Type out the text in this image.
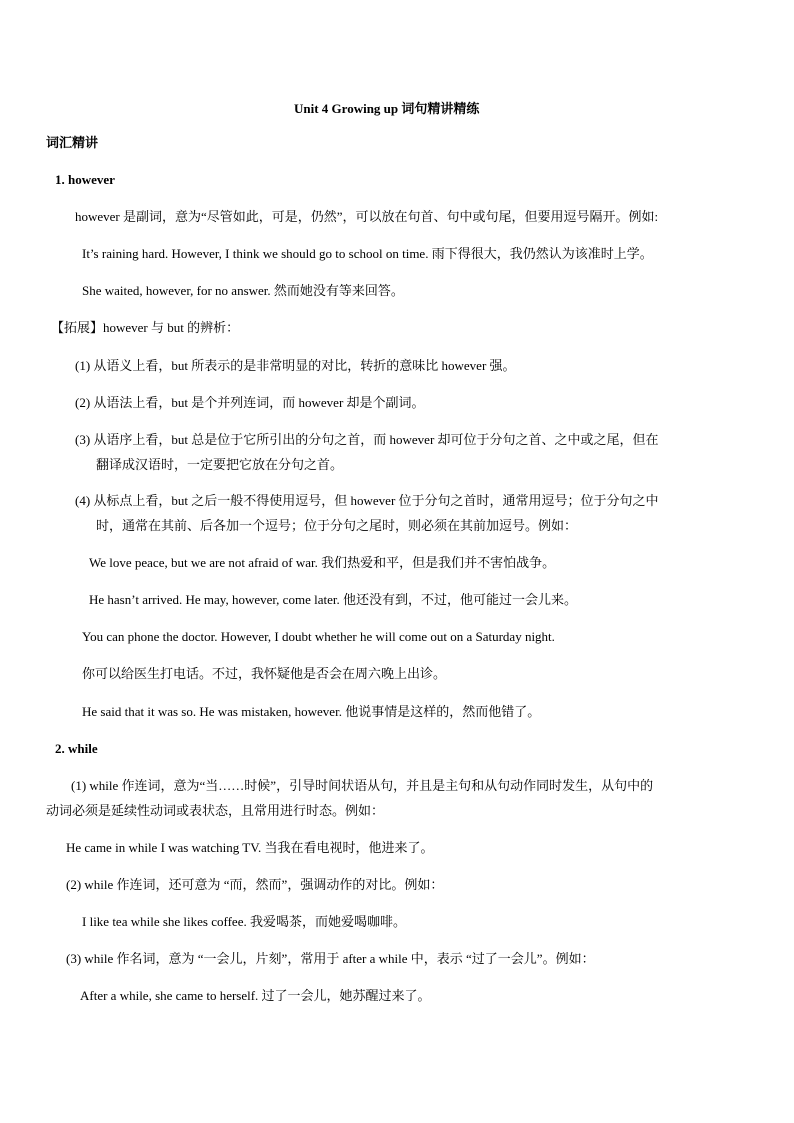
Unit 4 Growing up 词句精讲精练
词汇精讲
1. however
however 是副词，意为“尽管如此，可是，仍然”，可以放在句首、句中或句尾，但要用逗号隔开。例如:
It’s raining hard. However, I think we should go to school on time. 雨下得很大，我仍然认为该准时上学。
She waited, however, for no answer. 然而她没有等来回答。
【拓展】however 与 but 的辨析：
(1) 从语义上看，but 所表示的是非常明显的对比，转折的意味比 however 强。
(2) 从语法上看，but 是个并列连词，而 however 却是个副词。
(3) 从语序上看，but 总是位于它所引出的分句之首，而 however 却可位于分句之首、之中或之尾，但在
翻译成汉语时，一定要把它放在分句之首。
(4) 从标点上看，but 之后一般不得使用逗号，但 however 位于分句之首时，通常用逗号；位于分句之中
时，通常在其前、后各加一个逗号；位于分句之尾时，则必须在其前加逗号。例如：
We love peace, but we are not afraid of war. 我们热爱和平，但是我们并不害怕战争。
He hasn’t arrived. He may, however, come later. 他还没有到，不过，他可能过一会儿来。
You can phone the doctor. However, I doubt whether he will come out on a Saturday night.
你可以给医生打电话。不过，我怀疑他是否会在周六晚上出诊。
He said that it was so. He was mistaken, however. 他说事情是这样的，然而他错了。
2. while
(1) while 作连词，意为“当……时候”，引导时间状语从句，并且是主句和从句动作同时发生，从句中的
动词必须是延续性动词或表状态，且常用进行时态。例如：
He came in while I was watching TV. 当我在看电视时，他进来了。
(2) while 作连词，还可意为 “而，然而”，强调动作的对比。例如：
I like tea while she likes coffee. 我爱喝茶，而她爱喝咖啡。
(3) while 作名词，意为 “一会儿，片刻”，常用于 after a while 中，表示 “过了一会儿”。例如：
After a while, she came to herself. 过了一会儿，她苏醒过来了。
